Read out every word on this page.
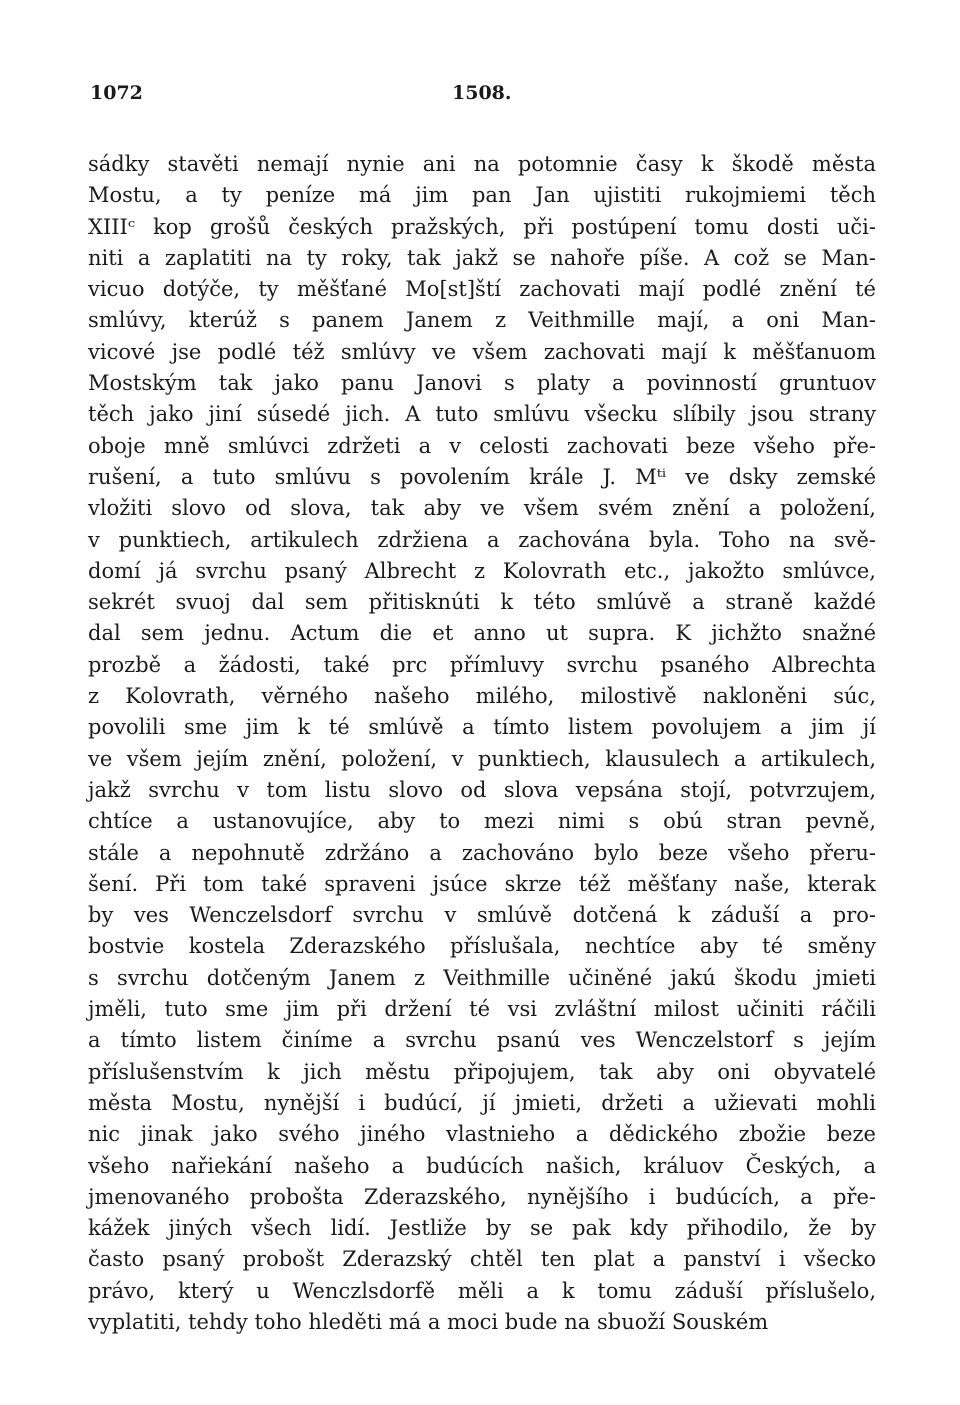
1072	1508.
sádky stavěti nemají nynie ani na potomnie časy k škodě města
Mostu, a ty peníze má jim pan Jan ujistiti rukojmiemi těch
XIIIᶜ kop grošů českých pražských, při postúpení tomu dosti uči-
niti a zaplatiti na ty roky, tak jakž se nahoře píše. A což se Man-
vicuo dotýče, ty měšťané Mo[st]ští zachovati mají podlé znění té
smlúvy, kterúž s panem Janem z Veithmille mají, a oni Man-
vicové jse podlé též smlúvy ve všem zachovati mají k měšťanuom
Mostským tak jako panu Janovi s platy a povinností gruntuov
těch jako jiní súsedé jich. A tuto smlúvu všecku slíbily jsou strany
oboje mně smlúvci zdržeti a v celosti zachovati beze všeho pře-
rušení, a tuto smlúvu s povolením krále J. Mᵗⁱ ve dsky zemské
vložiti slovo od slova, tak aby ve všem svém znění a položení,
v punktiech, artikulech zdržiena a zachována byla. Toho na svě-
domí já svrchu psaný Albrecht z Kolovrath etc., jakožto smlúvce,
sekrét svuoj dal sem přitisknúti k této smlúvě a straně každé
dal sem jednu. Actum die et anno ut supra. K jichžto snažné
prozbě a žádosti, také prc přímluvy svrchu psaného Albrechta
z Kolovrath, věrného našeho milého, milostivě nakloněni súc,
povolili sme jim k té smlúvě a tímto listem povolujem a jim jí
ve všem jejím znění, položení, v punktiech, klausulech a artikulech,
jakž svrchu v tom listu slovo od slova vepsána stojí, potvrzujem,
chtíce a ustanovujíce, aby to mezi nimi s obú stran pevně,
stále a nepohnutě zdržáno a zachováno bylo beze všeho přeru-
šení. Při tom také spraveni jsúce skrze též měšťany naše, kterak
by ves Wenczelsdorf svrchu v smlúvě dotčená k záduší a pro-
bostvie kostela Zderazského příslušala, nechtíce aby té směny
s svrchu dotčeným Janem z Veithmille učiněné jakú škodu jmieti
jměli, tuto sme jim při držení té vsi zvláštní milost učiniti ráčili
a tímto listem činíme a svrchu psanú ves Wenczelstorf s jejím
příslušenstvím k jich městu připojujem, tak aby oni obyvatelé
města Mostu, nynější i budúcí, jí jmieti, držeti a užievati mohli
nic jinak jako svého jiného vlastnieho a dědického zbožie beze
všeho nařiekání našeho a budúcích našich, králuov Českých, a
jmenovaného probošta Zderazského, nynějšího i budúcích, a pře-
kážek jiných všech lidí. Jestliže by se pak kdy přihodilo, že by
často psaný probošt Zderazský chtěl ten plat a panství i všecko
právo, který u Wenczlsdorfě měli a k tomu záduší příslušelo,
vyplatiti, tehdy toho hleděti má a moci bude na sbuoží Souském
